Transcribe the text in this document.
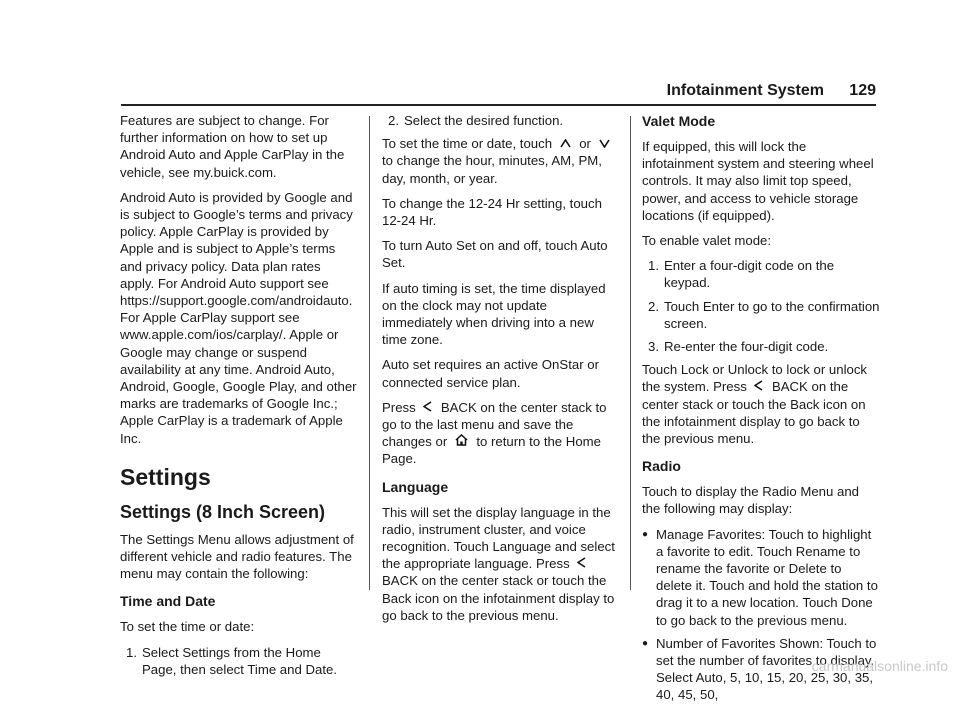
Infotainment System 129

Features are subject to change. For further information on how to set up Android Auto and Apple CarPlay in the vehicle, see my.buick.com.

Android Auto is provided by Google and is subject to Google’s terms and privacy policy. Apple CarPlay is provided by Apple and is subject to Apple’s terms and privacy policy. Data plan rates apply. For Android Auto support see https://support.google.com/androidauto. For Apple CarPlay support see www.apple.com/ios/carplay/. Apple or Google may change or suspend availability at any time. Android Auto, Android, Google, Google Play, and other marks are trademarks of Google Inc.; Apple CarPlay is a trademark of Apple Inc.

Settings
Settings (8 Inch Screen)

The Settings Menu allows adjustment of different vehicle and radio features. The menu may contain the following:

Time and Date

To set the time or date:

1. Select Settings from the Home Page, then select Time and Date.
2. Select the desired function.

To set the time or date, touch or  to change the hour, minutes, AM, PM, day, month, or year.

To change the 12-24 Hr setting, touch 12-24 Hr.

To turn Auto Set on and off, touch Auto Set.

If auto timing is set, the time displayed on the clock may not update immediately when driving into a new time zone.

Auto set requires an active OnStar or connected service plan.

Press BACK on the center stack to go to the last menu and save the changes or to return to the Home Page.

Language

This will set the display language in the radio, instrument cluster, and voice recognition. Touch Language and select the appropriate language. Press  BACK on the center stack or touch the Back icon on the infotainment display to go back to the previous menu.

Valet Mode

If equipped, this will lock the infotainment system and steering wheel controls. It may also limit top speed, power, and access to vehicle storage locations (if equipped).

To enable valet mode:

1. Enter a four-digit code on the keypad.
2. Touch Enter to go to the confirmation screen.
3. Re-enter the four-digit code.

Touch Lock or Unlock to lock or unlock the system. Press BACK on the center stack or touch the Back icon on the infotainment display to go back to the previous menu.

Radio

Touch to display the Radio Menu and the following may display:

● Manage Favorites: Touch to highlight a favorite to edit. Touch Rename to rename the favorite or Delete to delete it. Touch and hold the station to drag it to a new location. Touch Done to go back to the previous menu.
● Number of Favorites Shown: Touch to set the number of favorites to display. Select Auto, 5, 10, 15, 20, 25, 30, 35, 40, 45, 50,
carmanualsonline.info
